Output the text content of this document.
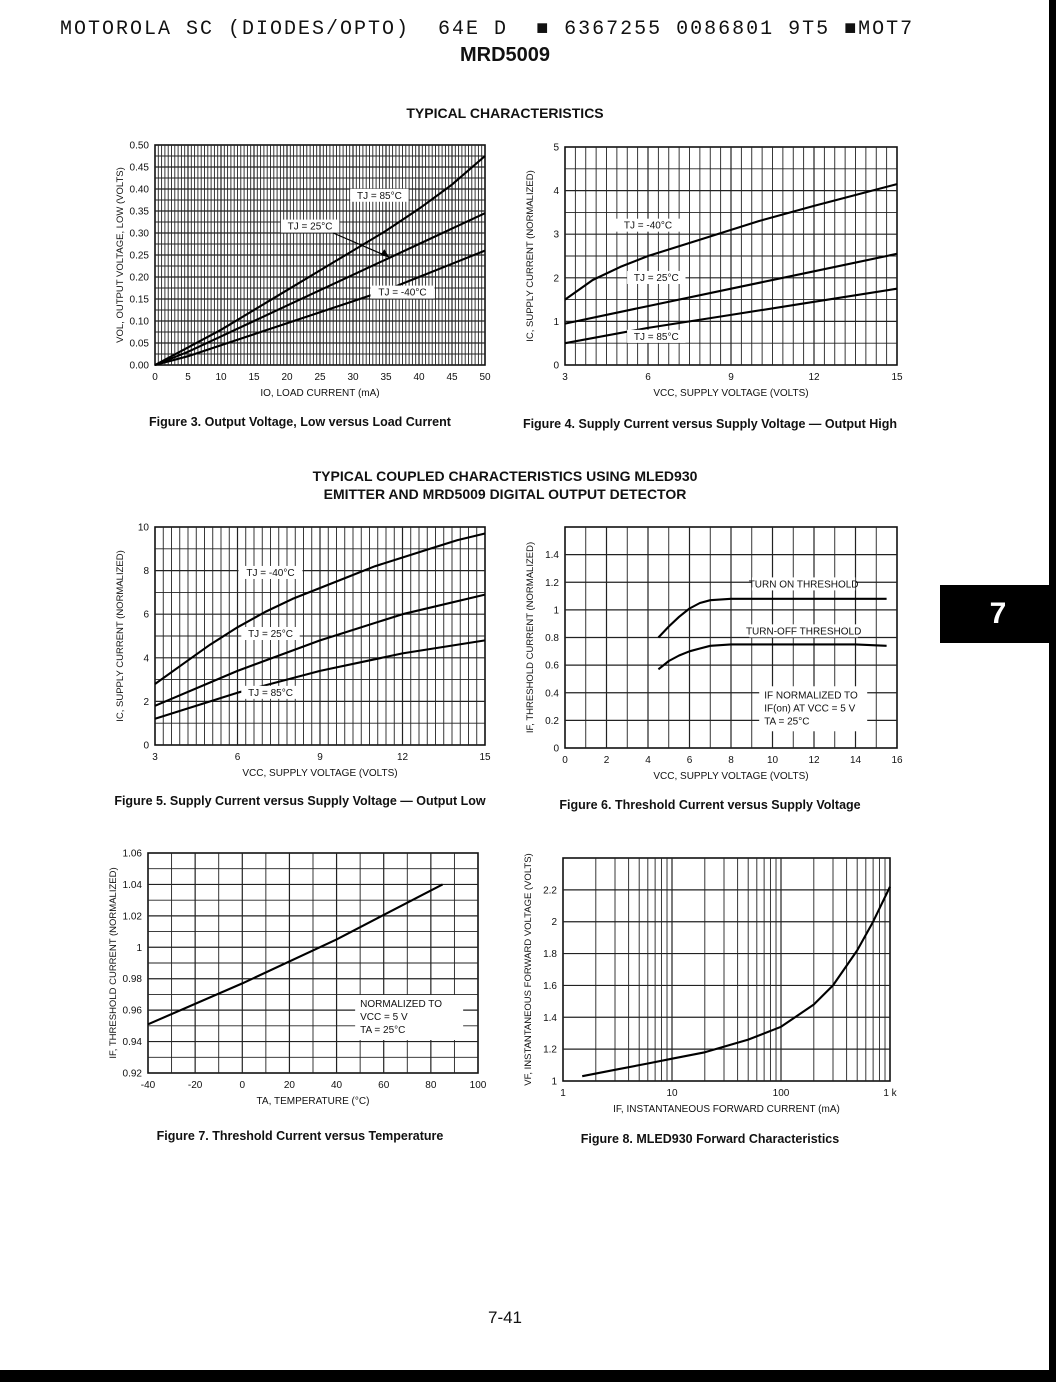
MOTOROLA SC (DIODES/OPTO)  64E D  ■ 6367255 0086801 9T5 ■MOT7
MRD5009
TYPICAL CHARACTERISTICS
TYPICAL COUPLED CHARACTERISTICS USING MLED930
EMITTER AND MRD5009 DIGITAL OUTPUT DETECTOR
7
7-41
Figure 3. Output Voltage, Low versus Load Current	Figure 4. Supply Current versus Supply Voltage — Output High
Figure 5. Supply Current versus Supply Voltage — Output Low	Figure 6. Threshold Current versus Supply Voltage
Figure 7. Threshold Current versus Temperature	Figure 8. MLED930 Forward Characteristics
0	5 10 15 20 25 30 35 40 45 50
0.00
0.05
0.10
0.15
0.20
0.25
0.30
0.35
0.40
0.45
0.50
IO, LOAD CURRENT (mA)
VOL, OUTPUT VOLTAGE, LOW (VOLTS)	TJ = 85°C
TJ = 25°C
TJ = -40°C
3	6	9	12	15
0
1
2
3
4
5
VCC, SUPPLY VOLTAGE (VOLTS)
IC, SUPPLY CURRENT (NORMALIZED)	TJ = -40°C
TJ = 25°C
TJ = 85°C
3	6	9	12	15
0
2
4
6
8
10
VCC, SUPPLY VOLTAGE (VOLTS)
IC, SUPPLY CURRENT (NORMALIZED)	TJ = -40°C
TJ = 25°C
TJ = 85°C
0	2	4	6	8	10	12	14	16
0
0.2
0.4
0.6
0.8
1
1.2
1.4
VCC, SUPPLY VOLTAGE (VOLTS)
IF, THRESHOLD CURRENT (NORMALIZED)	TURN ON THRESHOLD
TURN-OFF THRESHOLD
IF NORMALIZED TO
IF(on) AT VCC = 5 V
TA = 25°C
-40	-20	0	20	40	60	80	100
0.92
0.94
0.96
0.98
1
1.02
1.04
1.06
TA, TEMPERATURE (°C)
IF, THRESHOLD CURRENT (NORMALIZED)	NORMALIZED TO
VCC = 5 V
TA = 25°C
1	10	100	1 k
1
1.2
1.4
1.6
1.8
2
2.2
IF, INSTANTANEOUS FORWARD CURRENT (mA)
VF, INSTANTANEOUS FORWARD VOLTAGE (VOLTS)
